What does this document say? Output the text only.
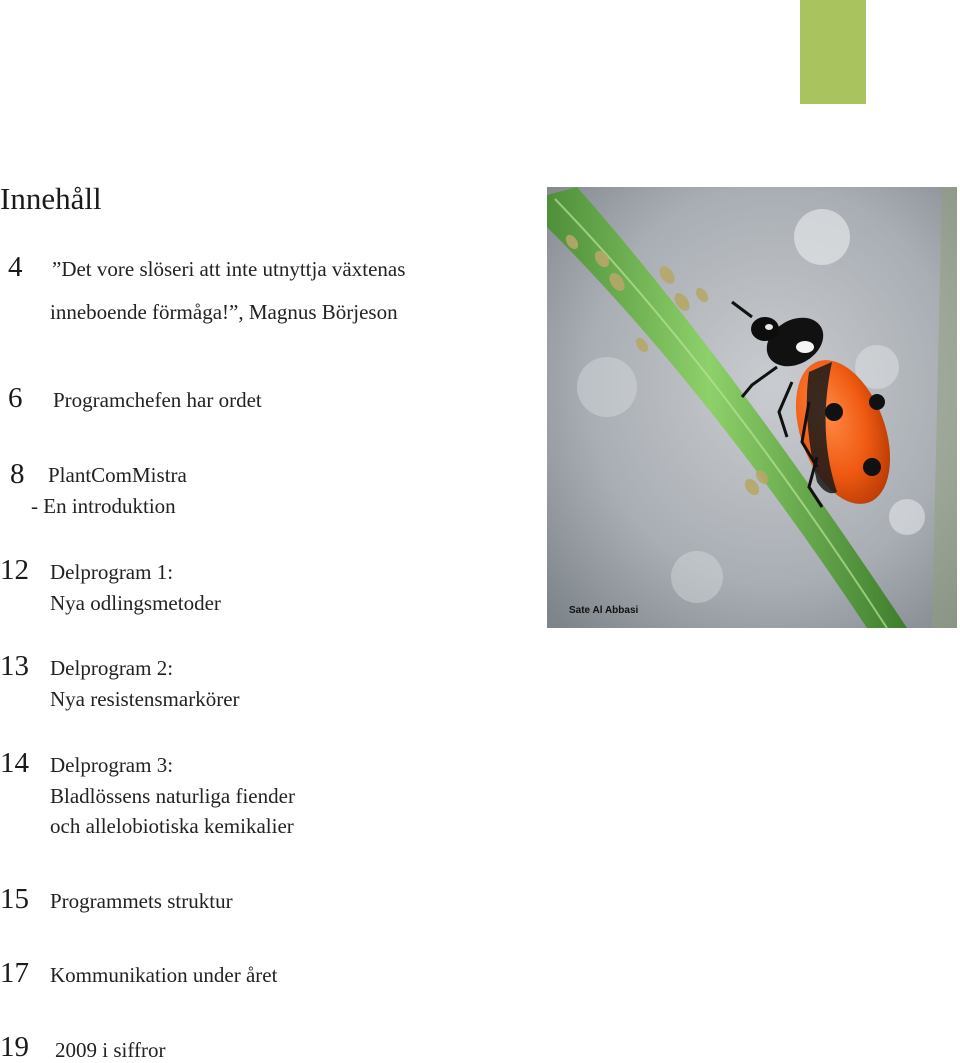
Innehåll
4 ”Det vore slöseri att inte utnyttja växtenas
inneboende förmåga!”, Magnus Börjeson
6 Programchefen har ordet
8 PlantComMistra
- En introduktion
12 Delprogram 1:
Nya odlingsmetoder
13 Delprogram 2:
Nya resistensmarkörer
14 Delprogram 3:
Bladlössens naturliga fiender
och allelobiotiska kemikalier
15 Programmets struktur
17 Kommunikation under året
19 2009 i siffror
Sate Al Abbasi
